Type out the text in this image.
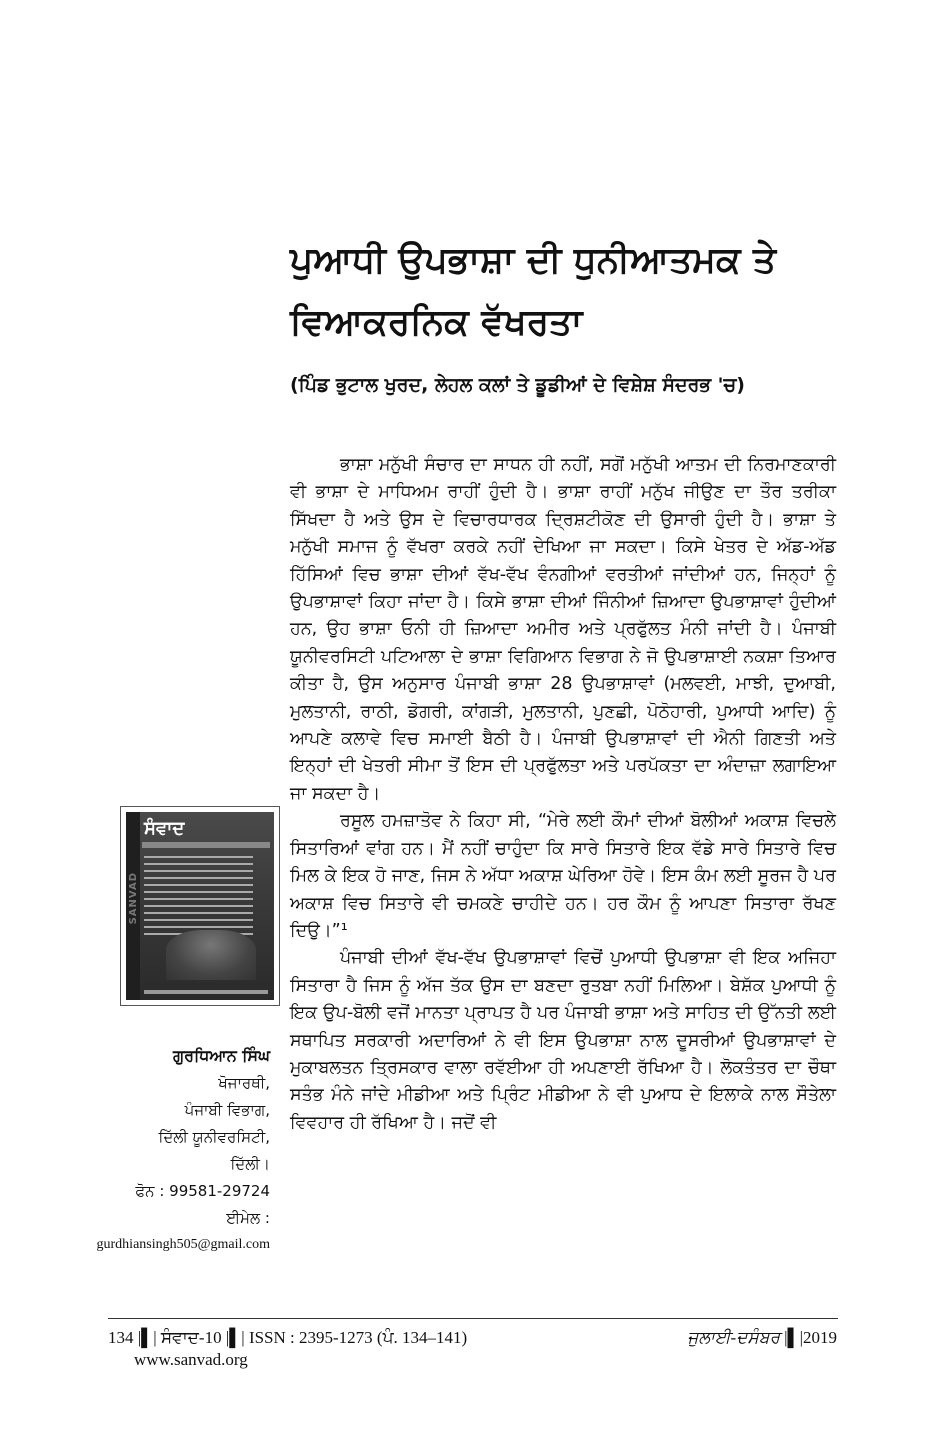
ਪੁਆਧੀ ਉਪਭਾਸ਼ਾ ਦੀ ਧੁਨੀਆਤਮਕ ਤੇ
ਵਿਆਕਰਨਿਕ ਵੱਖਰਤਾ
(ਪਿੰਡ ਭੁਟਾਲ ਖੁਰਦ, ਲੇਹਲ ਕਲਾਂ ਤੇ ਡੂਡੀਆਂ ਦੇ ਵਿਸ਼ੇਸ਼ ਸੰਦਰਭ 'ਚ)

ਭਾਸ਼ਾ ਮਨੁੱਖੀ ਸੰਚਾਰ ਦਾ ਸਾਧਨ ਹੀ ਨਹੀਂ, ਸਗੋਂ ਮਨੁੱਖੀ ਆਤਮ ਦੀ ਨਿਰਮਾਣਕਾਰੀ ਵੀ ਭਾਸ਼ਾ ਦੇ ਮਾਧਿਅਮ ਰਾਹੀਂ ਹੁੰਦੀ ਹੈ। ਭਾਸ਼ਾ ਰਾਹੀਂ ਮਨੁੱਖ ਜੀਉਣ ਦਾ ਤੌਰ ਤਰੀਕਾ ਸਿੱਖਦਾ ਹੈ ਅਤੇ ਉਸ ਦੇ ਵਿਚਾਰਧਾਰਕ ਦ੍ਰਿਸ਼ਟੀਕੋਣ ਦੀ ਉਸਾਰੀ ਹੁੰਦੀ ਹੈ। ਭਾਸ਼ਾ ਤੇ ਮਨੁੱਖੀ ਸਮਾਜ ਨੂੰ ਵੱਖਰਾ ਕਰਕੇ ਨਹੀਂ ਦੇਖਿਆ ਜਾ ਸਕਦਾ। ਕਿਸੇ ਖੇਤਰ ਦੇ ਅੱਡ-ਅੱਡ ਹਿੱਸਿਆਂ ਵਿਚ ਭਾਸ਼ਾ ਦੀਆਂ ਵੱਖ-ਵੱਖ ਵੰਨਗੀਆਂ ਵਰਤੀਆਂ ਜਾਂਦੀਆਂ ਹਨ, ਜਿਨ੍ਹਾਂ ਨੂੰ ਉਪਭਾਸ਼ਾਵਾਂ ਕਿਹਾ ਜਾਂਦਾ ਹੈ। ਕਿਸੇ ਭਾਸ਼ਾ ਦੀਆਂ ਜਿੰਨੀਆਂ ਜ਼ਿਆਦਾ ਉਪਭਾਸ਼ਾਵਾਂ ਹੁੰਦੀਆਂ ਹਨ, ਉਹ ਭਾਸ਼ਾ ਓਨੀ ਹੀ ਜ਼ਿਆਦਾ ਅਮੀਰ ਅਤੇ ਪ੍ਰਫੁੱਲਤ ਮੰਨੀ ਜਾਂਦੀ ਹੈ। ਪੰਜਾਬੀ ਯੂਨੀਵਰਸਿਟੀ ਪਟਿਆਲਾ ਦੇ ਭਾਸ਼ਾ ਵਿਗਿਆਨ ਵਿਭਾਗ ਨੇ ਜੋ ਉਪਭਾਸ਼ਾਈ ਨਕਸ਼ਾ ਤਿਆਰ ਕੀਤਾ ਹੈ, ਉਸ ਅਨੁਸਾਰ ਪੰਜਾਬੀ ਭਾਸ਼ਾ 28 ਉਪਭਾਸ਼ਾਵਾਂ (ਮਲਵਈ, ਮਾਝੀ, ਦੁਆਬੀ, ਮੁਲਤਾਨੀ, ਰਾਠੀ, ਡੋਗਰੀ, ਕਾਂਗੜੀ, ਮੁਲਤਾਨੀ, ਪੁਣਛੀ, ਪੋਠੋਹਾਰੀ, ਪੁਆਧੀ ਆਦਿ) ਨੂੰ ਆਪਣੇ ਕਲਾਵੇ ਵਿਚ ਸਮਾਈ ਬੈਠੀ ਹੈ। ਪੰਜਾਬੀ ਉਪਭਾਸ਼ਾਵਾਂ ਦੀ ਐਨੀ ਗਿਣਤੀ ਅਤੇ ਇਨ੍ਹਾਂ ਦੀ ਖੇਤਰੀ ਸੀਮਾ ਤੋਂ ਇਸ ਦੀ ਪ੍ਰਫੁੱਲਤਾ ਅਤੇ ਪਰਪੱਕਤਾ ਦਾ ਅੰਦਾਜ਼ਾ ਲਗਾਇਆ ਜਾ ਸਕਦਾ ਹੈ।

ਰਸੂਲ ਹਮਜ਼ਾਤੋਵ ਨੇ ਕਿਹਾ ਸੀ, “ਮੇਰੇ ਲਈ ਕੌਮਾਂ ਦੀਆਂ ਬੋਲੀਆਂ ਅਕਾਸ਼ ਵਿਚਲੇ ਸਿਤਾਰਿਆਂ ਵਾਂਗ ਹਨ। ਮੈਂ ਨਹੀਂ ਚਾਹੁੰਦਾ ਕਿ ਸਾਰੇ ਸਿਤਾਰੇ ਇਕ ਵੱਡੇ ਸਾਰੇ ਸਿਤਾਰੇ ਵਿਚ ਮਿਲ ਕੇ ਇਕ ਹੋ ਜਾਣ, ਜਿਸ ਨੇ ਅੱਧਾ ਅਕਾਸ਼ ਘੇਰਿਆ ਹੋਵੇ। ਇਸ ਕੰਮ ਲਈ ਸੂਰਜ ਹੈ ਪਰ ਅਕਾਸ਼ ਵਿਚ ਸਿਤਾਰੇ ਵੀ ਚਮਕਣੇ ਚਾਹੀਦੇ ਹਨ। ਹਰ ਕੌਮ ਨੂੰ ਆਪਣਾ ਸਿਤਾਰਾ ਰੱਖਣ ਦਿਉ।”¹

ਪੰਜਾਬੀ ਦੀਆਂ ਵੱਖ-ਵੱਖ ਉਪਭਾਸ਼ਾਵਾਂ ਵਿਚੋਂ ਪੁਆਧੀ ਉਪਭਾਸ਼ਾ ਵੀ ਇਕ ਅਜਿਹਾ ਸਿਤਾਰਾ ਹੈ ਜਿਸ ਨੂੰ ਅੱਜ ਤੱਕ ਉਸ ਦਾ ਬਣਦਾ ਰੁਤਬਾ ਨਹੀਂ ਮਿਲਿਆ। ਬੇਸ਼ੱਕ ਪੁਆਧੀ ਨੂੰ ਇਕ ਉਪ-ਬੋਲੀ ਵਜੋਂ ਮਾਨਤਾ ਪ੍ਰਾਪਤ ਹੈ ਪਰ ਪੰਜਾਬੀ ਭਾਸ਼ਾ ਅਤੇ ਸਾਹਿਤ ਦੀ ਉੱਨਤੀ ਲਈ ਸਥਾਪਿਤ ਸਰਕਾਰੀ ਅਦਾਰਿਆਂ ਨੇ ਵੀ ਇਸ ਉਪਭਾਸ਼ਾ ਨਾਲ ਦੂਸਰੀਆਂ ਉਪਭਾਸ਼ਾਵਾਂ ਦੇ ਮੁਕਾਬਲਤਨ ਤ੍ਰਿਸਕਾਰ ਵਾਲਾ ਰਵੱਈਆ ਹੀ ਅਪਣਾਈ ਰੱਖਿਆ ਹੈ। ਲੋਕਤੰਤਰ ਦਾ ਚੌਥਾ ਸਤੰਭ ਮੰਨੇ ਜਾਂਦੇ ਮੀਡੀਆ ਅਤੇ ਪ੍ਰਿੰਟ ਮੀਡੀਆ ਨੇ ਵੀ ਪੁਆਧ ਦੇ ਇਲਾਕੇ ਨਾਲ ਸੌਤੇਲਾ ਵਿਵਹਾਰ ਹੀ ਰੱਖਿਆ ਹੈ। ਜਦੋਂ ਵੀ

SANVAD
ਸੰਵਾਦ
ਗੁਰਧਿਆਨ ਸਿੰਘ
ਖੋਜਾਰਥੀ,
ਪੰਜਾਬੀ ਵਿਭਾਗ,
ਦਿੱਲੀ ਯੂਨੀਵਰਸਿਟੀ,
ਦਿੱਲੀ।
ਫੋਨ : 99581-29724
ਈਮੇਲ :
gurdhiansingh505@gmail.com
134 |▌| ਸੰਵਾਦ-10 |▌| ISSN : 2395-1273 (ਪੰ. 134–141)
www.sanvad.org
ਜੁਲਾਈ-ਦਸੰਬਰ |▌|2019
